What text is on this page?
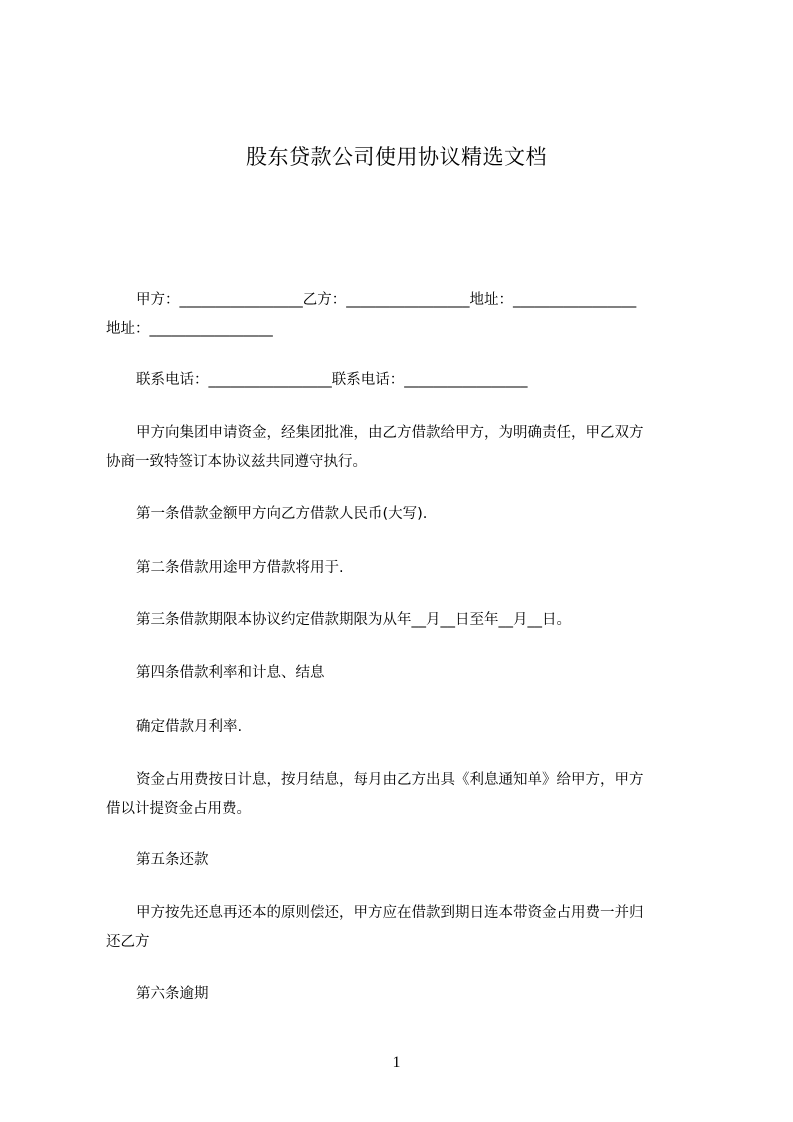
股东贷款公司使用协议精选文档
甲方：_________________乙方：_________________地址：_________________
地址：_________________
联系电话：_________________联系电话：_________________
甲方向集团申请资金，经集团批准，由乙方借款给甲方，为明确责任，甲乙双方
协商一致特签订本协议兹共同遵守执行。
第一条借款金额甲方向乙方借款人民币(大写).
第二条借款用途甲方借款将用于.
第三条借款期限本协议约定借款期限为从年__月__日至年__月__日。
第四条借款利率和计息、结息
确定借款月利率.
资金占用费按日计息，按月结息，每月由乙方出具《利息通知单》给甲方，甲方
借以计提资金占用费。
第五条还款
甲方按先还息再还本的原则偿还，甲方应在借款到期日连本带资金占用费一并归
还乙方
第六条逾期
1
